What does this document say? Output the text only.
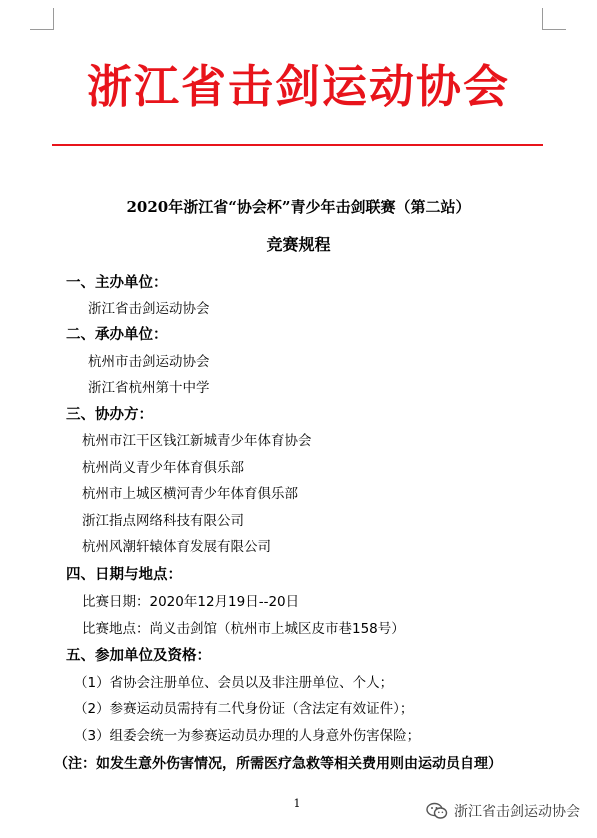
浙江省击剑运动协会
2020年浙江省“协会杯”青少年击剑联赛（第二站）
竞赛规程
一、主办单位：
浙江省击剑运动协会
二、承办单位：
杭州市击剑运动协会
浙江省杭州第十中学
三、协办方：
杭州市江干区钱江新城青少年体育协会
杭州尚义青少年体育俱乐部
杭州市上城区横河青少年体育俱乐部
浙江指点网络科技有限公司
杭州风潮轩辕体育发展有限公司
四、日期与地点：
比赛日期：2020年12月19日--20日
比赛地点：尚义击剑馆（杭州市上城区皮市巷158号）
五、参加单位及资格：
（1）省协会注册单位、会员以及非注册单位、个人；
（2）参赛运动员需持有二代身份证（含法定有效证件）；
（3）组委会统一为参赛运动员办理的人身意外伤害保险；
（注：如发生意外伤害情况，所需医疗急救等相关费用则由运动员自理）
1
浙江省击剑运动协会
